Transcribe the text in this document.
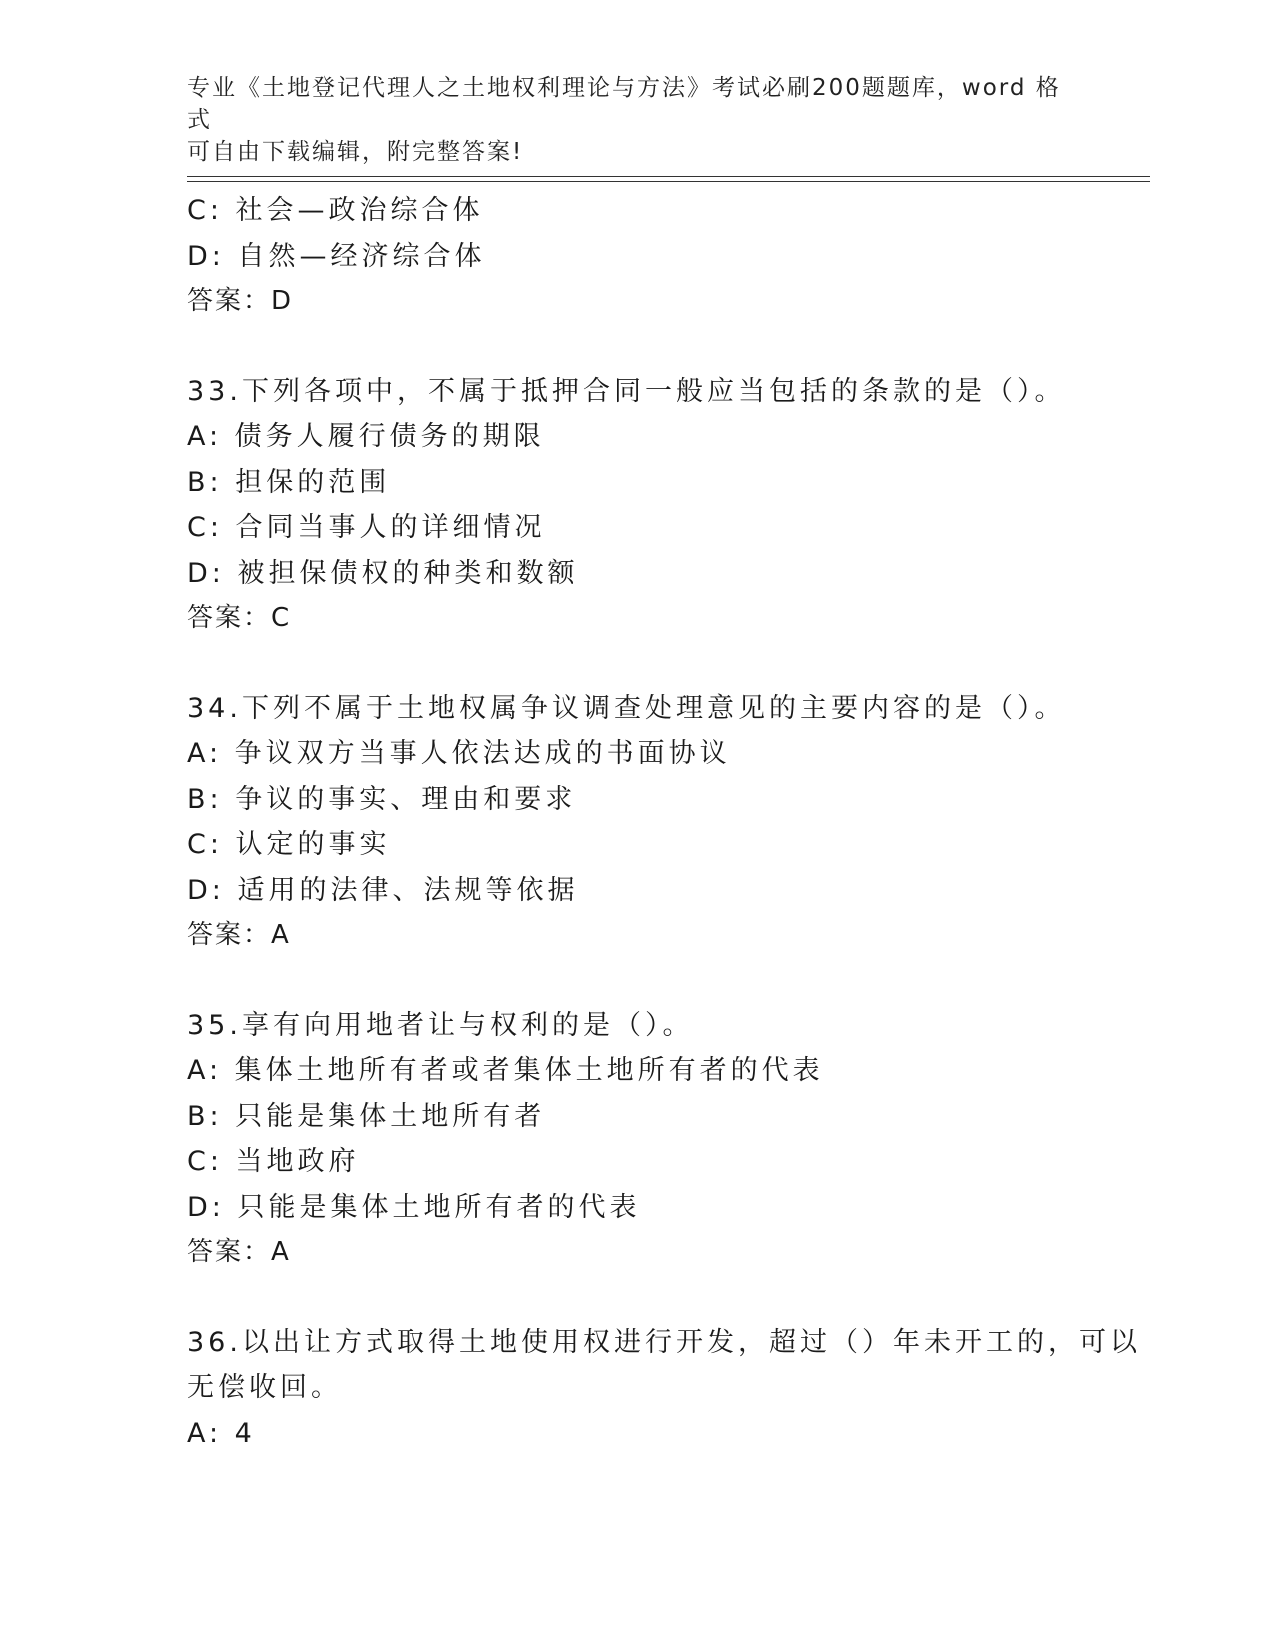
专业《土地登记代理人之土地权利理论与方法》考试必刷200题题库，word 格式

可自由下载编辑，附完整答案!

C: 社会—政治综合体
D: 自然—经济综合体
答案：D
33.下列各项中，不属于抵押合同一般应当包括的条款的是（）。
A: 债务人履行债务的期限
B: 担保的范围
C: 合同当事人的详细情况
D: 被担保债权的种类和数额
答案：C
34.下列不属于土地权属争议调查处理意见的主要内容的是（）。
A: 争议双方当事人依法达成的书面协议
B: 争议的事实、理由和要求
C: 认定的事实
D: 适用的法律、法规等依据
答案：A
35.享有向用地者让与权利的是（）。
A: 集体土地所有者或者集体土地所有者的代表
B: 只能是集体土地所有者
C: 当地政府
D: 只能是集体土地所有者的代表
答案：A
36.以出让方式取得土地使用权进行开发，超过（）年未开工的，可以
无偿收回。
A: 4
